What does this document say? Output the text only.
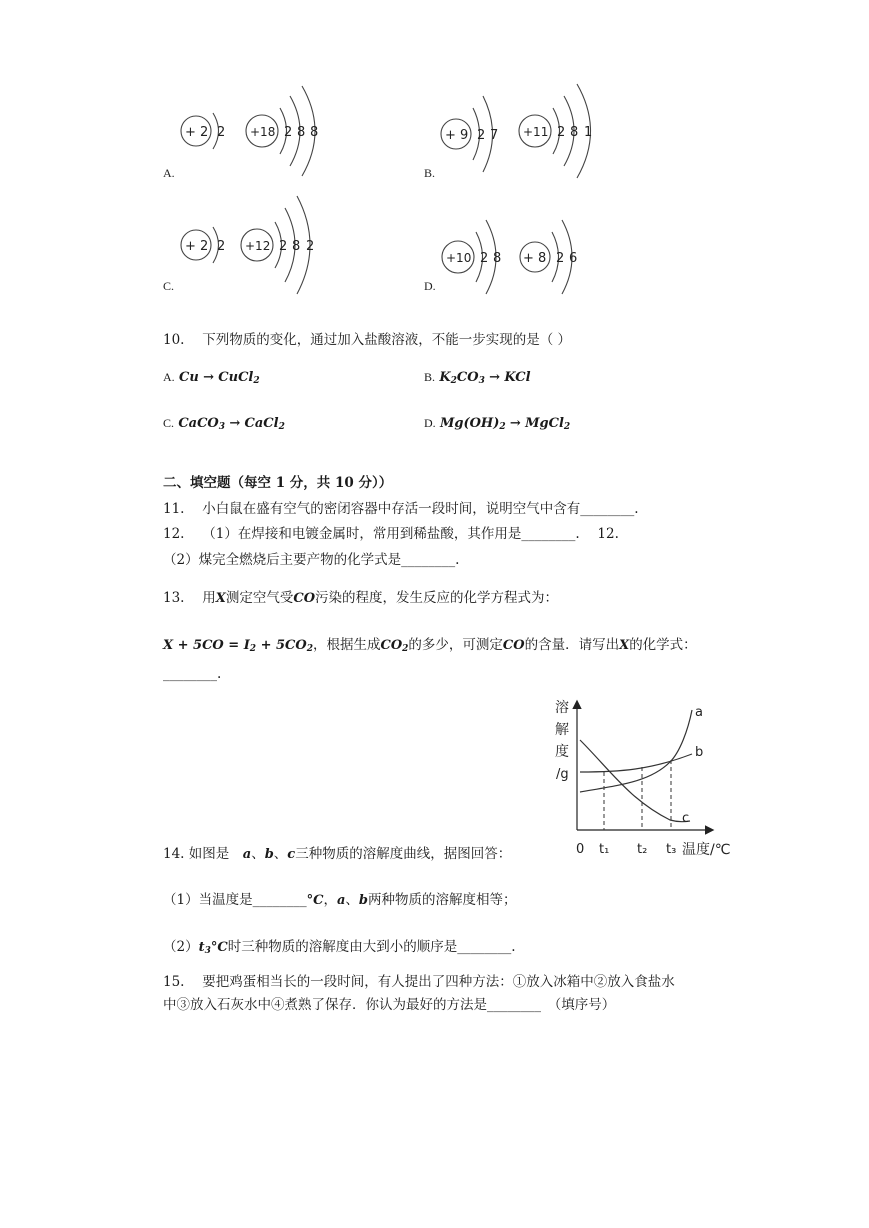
+ 2	+18	+ 9	+11
+ 2	+12
+10	+ 8
2	2 8 8	2 7	2 8 1
2	2 8 2
2 8	2 6
A.	B.
C.	D.
10.　 下列物质的变化，通过加入盐酸溶液，不能一步实现的是（ ）
A. Cu → CuCl$_2$	B. $K_2CO_3$ → KCl
C. CaCO$_3$ → CaCl$_2$	D. $Mg(OH)_2$ → MgCl$_2$
二、填空题（每空 1 分，共 10 分））
11.　 小白鼠在盛有空气的密闭容器中存活一段时间，说明空气中含有________.
12.　 （1）在焊接和电镀金属时，常用到稀盐酸，其作用是________.　 12.
（2）煤完全燃烧后主要产物的化学式是________.
13.　 用X测定空气受CO污染的程度，发生反应的化学方程式为：
$X + 5CO = I_2 + 5CO_2$，根据生成$CO_2$的多少，可测定CO的含量．请写出X的化学式：
________.
溶
解
度
/g
a
b
c
0 t₁ t₂ t₃ 温度/℃
14. 如图是　a、b、c三种物质的溶解度曲线，据图回答：
（1）当温度是________°C，a、b两种物质的溶解度相等；
$(2)t_3^\circ C$时三种物质的溶解度由大到小的顺序是________.
15.　 要把鸡蛋相当长的一段时间，有人提出了四种方法：①放入冰箱中②放入食盐水
中③放入石灰水中④煮熟了保存．你认为最好的方法是________　（填序号）
